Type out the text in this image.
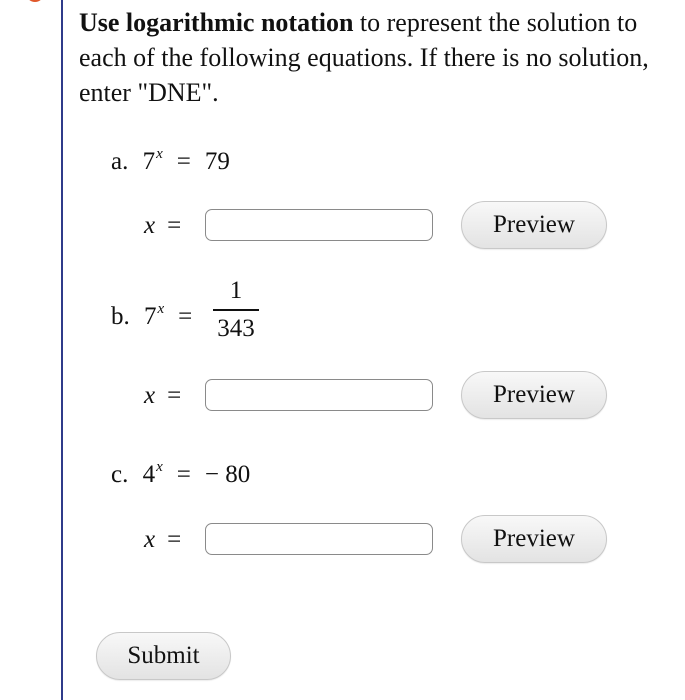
Use logarithmic notation to represent the solution to each of the following equations. If there is no solution, enter "DNE".
a. $7^x = 79$
x =	Preview
b. $7^x$ =
1
343
x =	Preview
c. $4^x$ = − 80
x =	Preview
Submit
